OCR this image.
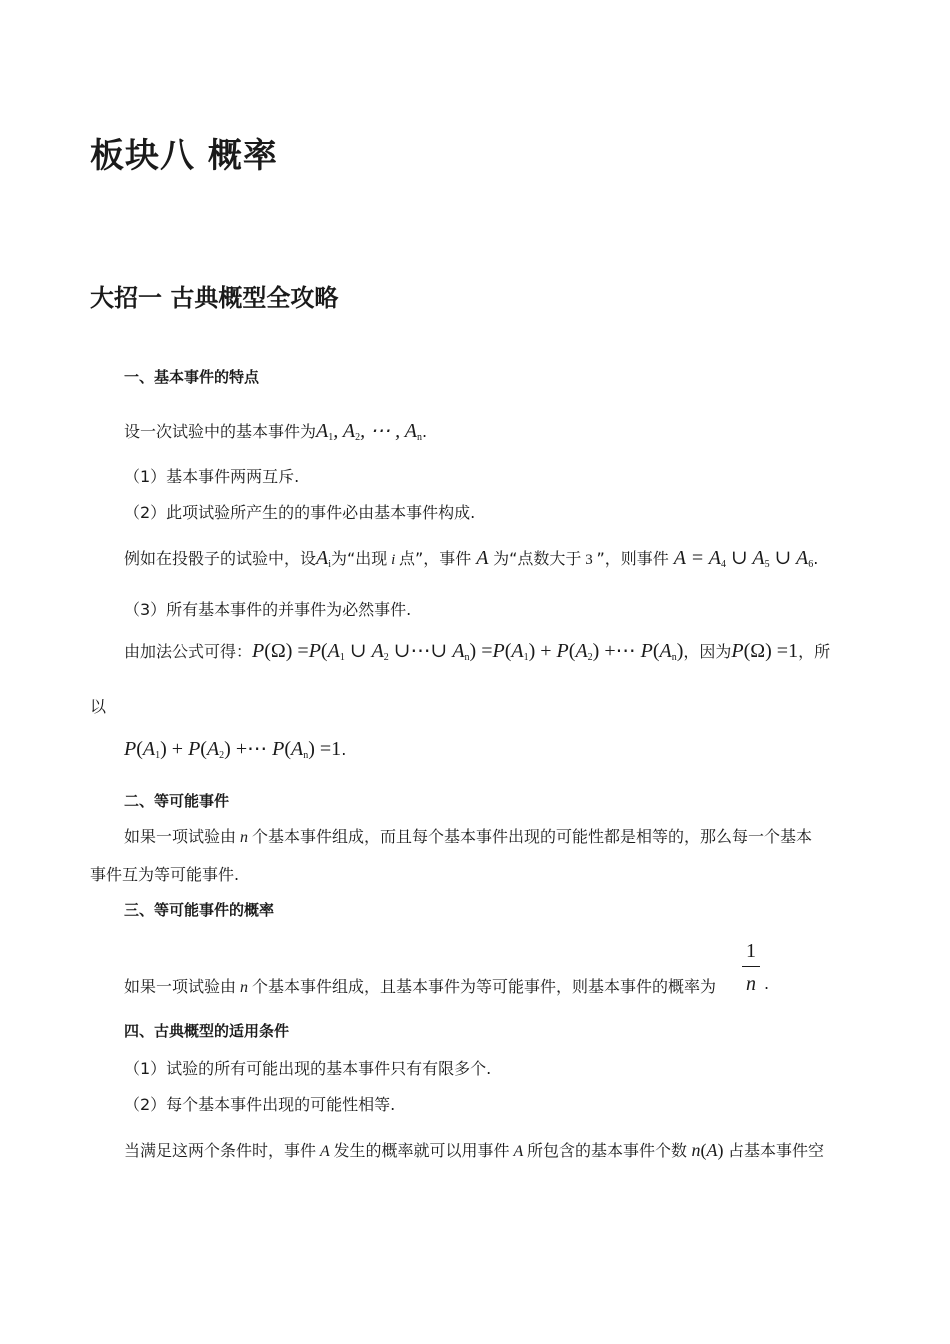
板块八 概率
大招一 古典概型全攻略
一、基本事件的特点
设一次试验中的基本事件为$A_1$, $A_2$, ⋯ , $A_n$.
（1）基本事件两两互斥.
（2）此项试验所产生的的事件必由基本事件构成.
例如在投骰子的试验中，设$A_i$为“出现 i 点”，事件 A 为“点数大于 3 ”，则事件 $A = A_4$ ∪ $A_5$ ∪ $A_6$.
（3）所有基本事件的并事件为必然事件.
由加法公式可得：$P(\Omega) =P(A_1$ ∪ $A_2$ ∪⋯∪ $A_n) =P(A_1) + P(A_2)$ +⋯ $P(A_n)$，因为P(Ω) =1，所
以
$P(A_1) + P(A_2)$ +⋯ $P(A_n) =1$.
二、等可能事件
如果一项试验由 n 个基本事件组成，而且每个基本事件出现的可能性都是相等的，那么每一个基本
事件互为等可能事件.
三、等可能事件的概率
如果一项试验由 n 个基本事件组成，且基本事件为等可能事件，则基本事件的概率为
1
n .
四、古典概型的适用条件
（1）试验的所有可能出现的基本事件只有有限多个.
（2）每个基本事件出现的可能性相等.
当满足这两个条件时，事件 A 发生的概率就可以用事件 A 所包含的基本事件个数 n(A) 占基本事件空
